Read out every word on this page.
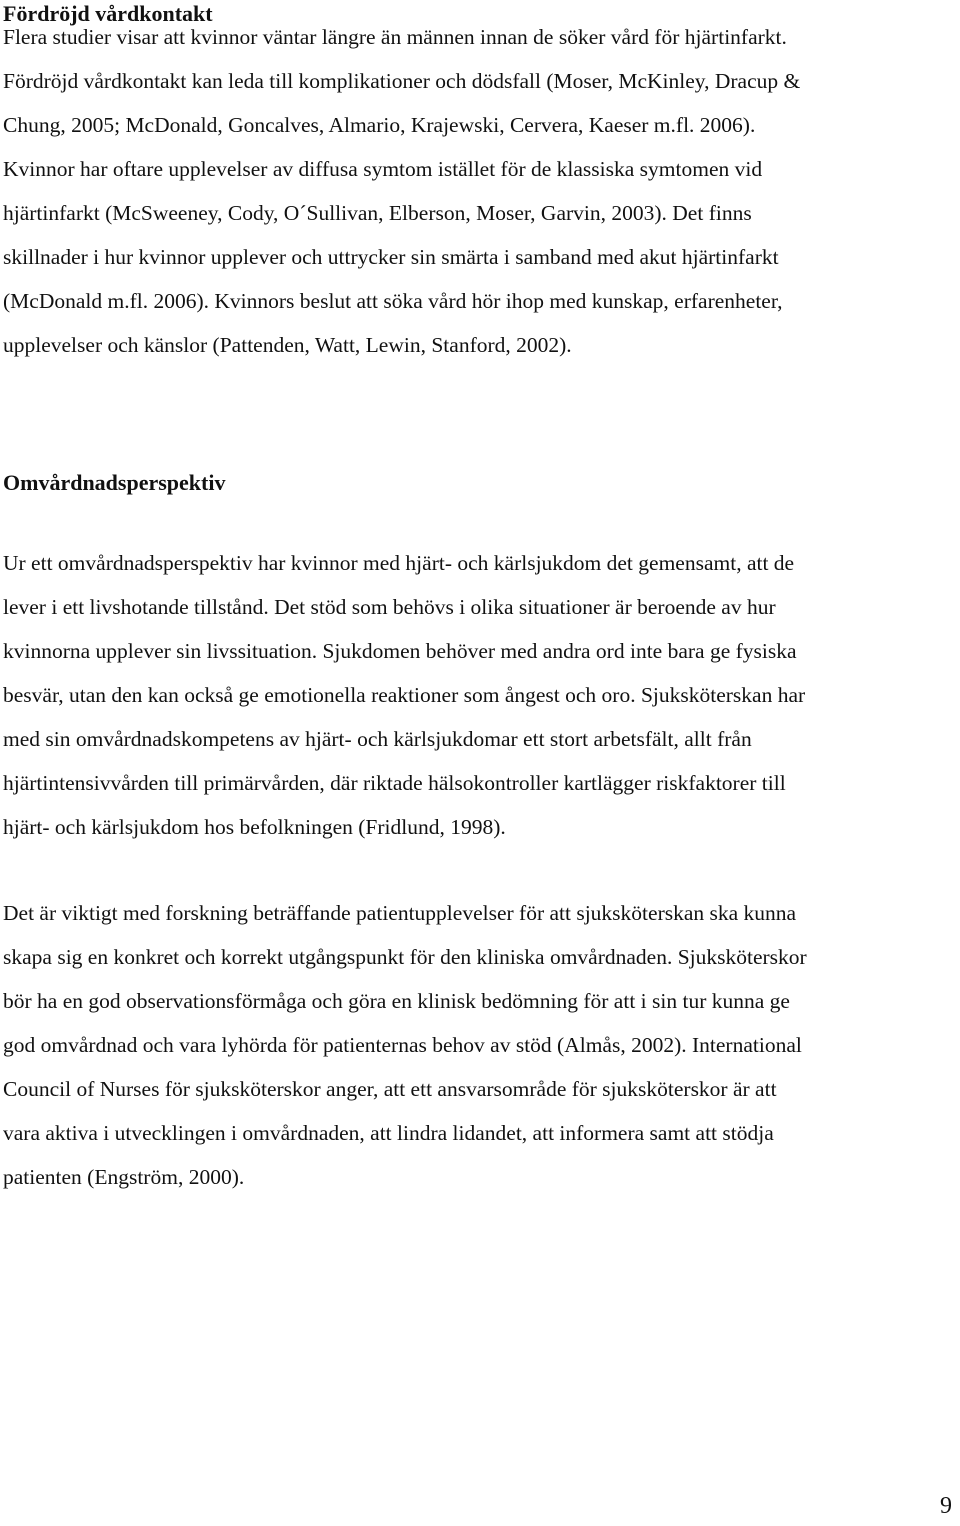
Fördröjd vårdkontakt

Flera studier visar att kvinnor väntar längre än männen innan de söker vård för hjärtinfarkt.
Fördröjd vårdkontakt kan leda till komplikationer och dödsfall (Moser, McKinley, Dracup &
Chung, 2005; McDonald, Goncalves, Almario, Krajewski, Cervera, Kaeser m.fl. 2006).
Kvinnor har oftare upplevelser av diffusa symtom istället för de klassiska symtomen vid
hjärtinfarkt (McSweeney, Cody, O´Sullivan, Elberson, Moser, Garvin, 2003). Det finns
skillnader i hur kvinnor upplever och uttrycker sin smärta i samband med akut hjärtinfarkt
(McDonald m.fl. 2006). Kvinnors beslut att söka vård hör ihop med kunskap, erfarenheter,
upplevelser och känslor (Pattenden, Watt, Lewin, Stanford, 2002).

Omvårdnadsperspektiv

Ur ett omvårdnadsperspektiv har kvinnor med hjärt- och kärlsjukdom det gemensamt, att de
lever i ett livshotande tillstånd. Det stöd som behövs i olika situationer är beroende av hur
kvinnorna upplever sin livssituation. Sjukdomen behöver med andra ord inte bara ge fysiska
besvär, utan den kan också ge emotionella reaktioner som ångest och oro. Sjuksköterskan har
med sin omvårdnadskompetens av hjärt- och kärlsjukdomar ett stort arbetsfält, allt från
hjärtintensivvården till primärvården, där riktade hälsokontroller kartlägger riskfaktorer till
hjärt- och kärlsjukdom hos befolkningen (Fridlund, 1998).

Det är viktigt med forskning beträffande patientupplevelser för att sjuksköterskan ska kunna
skapa sig en konkret och korrekt utgångspunkt för den kliniska omvårdnaden. Sjuksköterskor
bör ha en god observationsförmåga och göra en klinisk bedömning för att i sin tur kunna ge
god omvårdnad och vara lyhörda för patienternas behov av stöd (Almås, 2002). International
Council of Nurses för sjuksköterskor anger, att ett ansvarsområde för sjuksköterskor är att
vara aktiva i utvecklingen i omvårdnaden, att lindra lidandet, att informera samt att stödja
patienten (Engström, 2000).

9
